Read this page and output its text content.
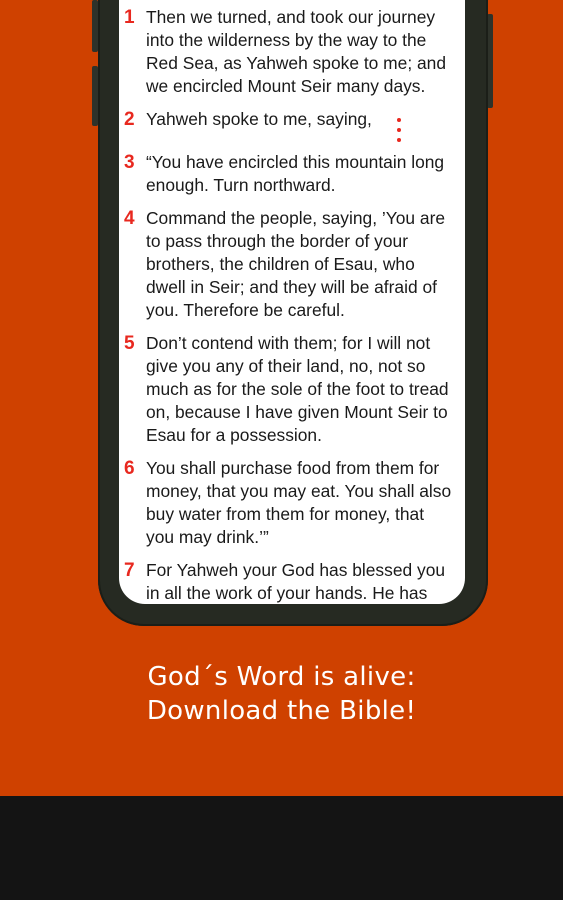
1 Then we turned, and took our journey
into the wilderness by the way to the
Red Sea, as Yahweh spoke to me; and
we encircled Mount Seir many days.
2 Yahweh spoke to me, saying,
3 “You have encircled this mountain long
enough. Turn northward.
4 Command the people, saying, ’You are
to pass through the border of your
brothers, the children of Esau, who
dwell in Seir; and they will be afraid of
you. Therefore be careful.
5 Don’t contend with them; for I will not
give you any of their land, no, not so
much as for the sole of the foot to tread
on, because I have given Mount Seir to
Esau for a possession.
6 You shall purchase food from them for
money, that you may eat. You shall also
buy water from them for money, that
you may drink.’”
7 For Yahweh your God has blessed you
in all the work of your hands. He has
God´s Word is alive:
Download the Bible!
